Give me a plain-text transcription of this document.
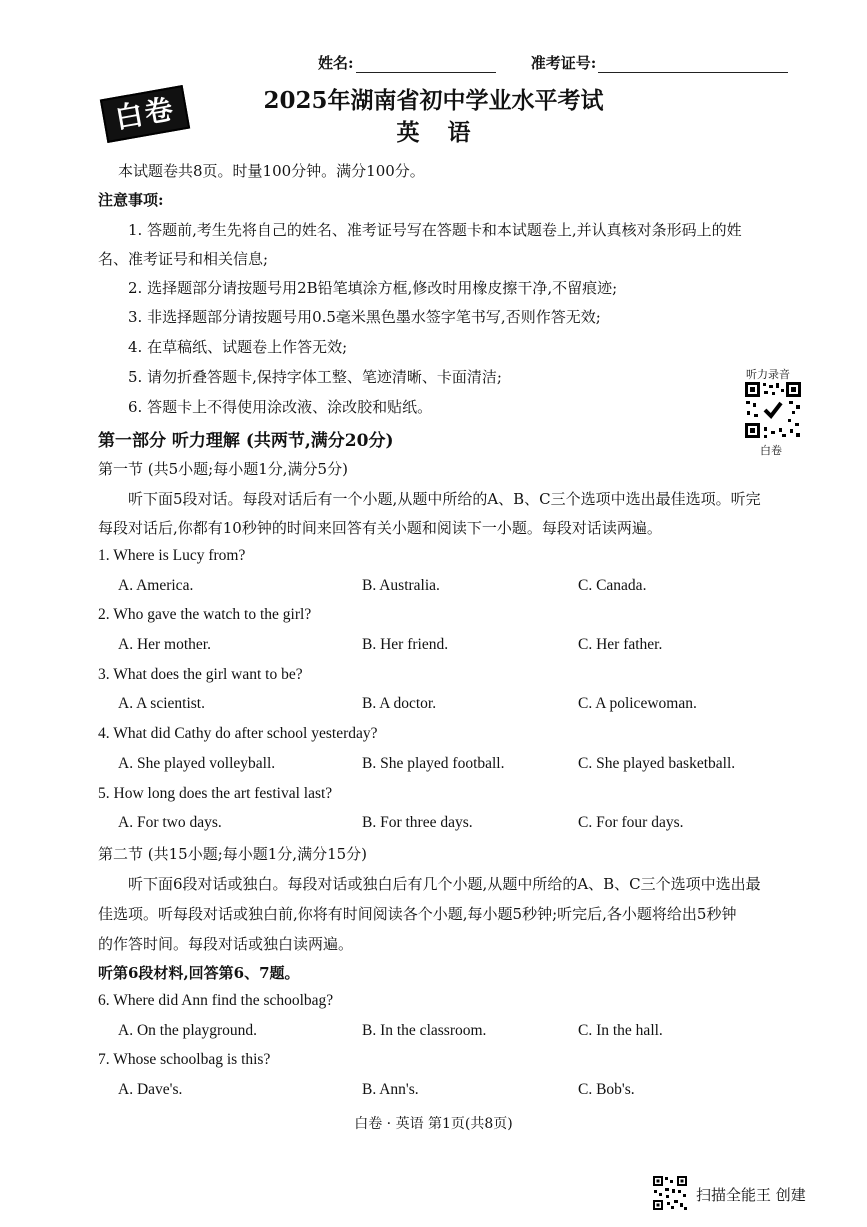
姓名:	准考证号:
白卷	2025年湖南省初中学业水平考试
英语
本试题卷共8页。时量100分钟。满分100分。
注意事项:
1. 答题前,考生先将自己的姓名、准考证号写在答题卡和本试题卷上,并认真核对条形码上的姓
名、准考证号和相关信息;
2. 选择题部分请按题号用2B铅笔填涂方框,修改时用橡皮擦干净,不留痕迹;
3. 非选择题部分请按题号用0.5毫米黑色墨水签字笔书写,否则作答无效;
4. 在草稿纸、试题卷上作答无效;
5. 请勿折叠答题卡,保持字体工整、笔迹清晰、卡面清洁;
6. 答题卡上不得使用涂改液、涂改胶和贴纸。
听力录音
白卷
第一部分 听力理解 (共两节,满分20分)
第一节 (共5小题;每小题1分,满分5分)
听下面5段对话。每段对话后有一个小题,从题中所给的A、B、C三个选项中选出最佳选项。听完
每段对话后,你都有10秒钟的时间来回答有关小题和阅读下一小题。每段对话读两遍。
1. Where is Lucy from?
A. America.	B. Australia.	C. Canada.
2. Who gave the watch to the girl?
A. Her mother.	B. Her friend.	C. Her father.
3. What does the girl want to be?
A. A scientist.	B. A doctor.	C. A policewoman.
4. What did Cathy do after school yesterday?
A. She played volleyball.	B. She played football.	C. She played basketball.
5. How long does the art festival last?
A. For two days.	B. For three days.	C. For four days.
第二节 (共15小题;每小题1分,满分15分)
听下面6段对话或独白。每段对话或独白后有几个小题,从题中所给的A、B、C三个选项中选出最
佳选项。听每段对话或独白前,你将有时间阅读各个小题,每小题5秒钟;听完后,各小题将给出5秒钟
的作答时间。每段对话或独白读两遍。
听第6段材料,回答第6、7题。
6. Where did Ann find the schoolbag?
A. On the playground.	B. In the classroom.	C. In the hall.
7. Whose schoolbag is this?
A. Dave's.	B. Ann's.	C. Bob's.
白卷 · 英语 第1页(共8页)
扫描全能王 创建
